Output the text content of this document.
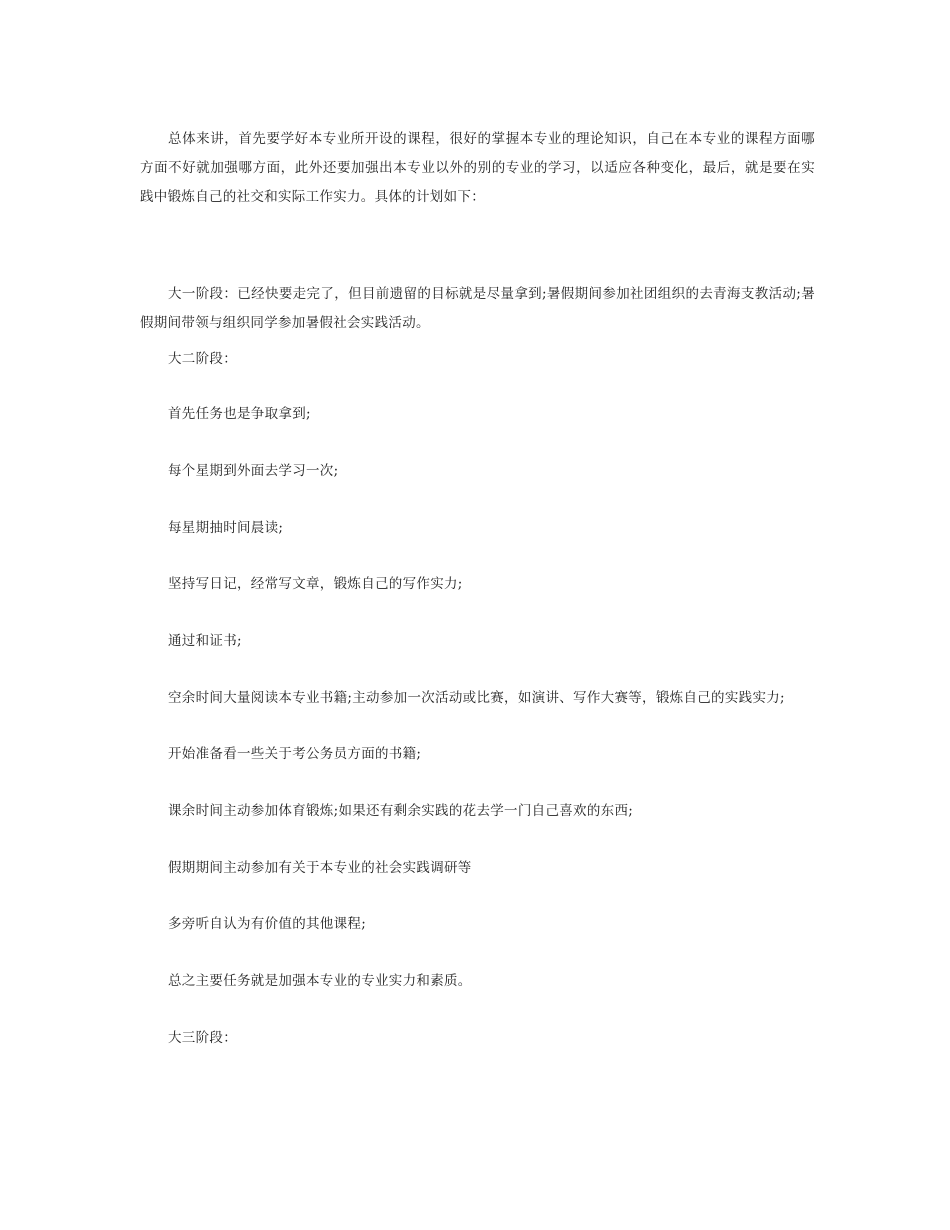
总体来讲，首先要学好本专业所开设的课程，很好的掌握本专业的理论知识，自己在本专业的课程方面哪方面不好就加强哪方面，此外还要加强出本专业以外的别的专业的学习，以适应各种变化，最后，就是要在实践中锻炼自己的社交和实际工作实力。具体的计划如下：

大一阶段：已经快要走完了，但目前遗留的目标就是尽量拿到;暑假期间参加社团组织的去青海支教活动;暑假期间带领与组织同学参加暑假社会实践活动。

大二阶段：

首先任务也是争取拿到;

每个星期到外面去学习一次;

每星期抽时间晨读;

坚持写日记，经常写文章，锻炼自己的写作实力;

通过和证书;

空余时间大量阅读本专业书籍;主动参加一次活动或比赛，如演讲、写作大赛等，锻炼自己的实践实力;

开始准备看一些关于考公务员方面的书籍;

课余时间主动参加体育锻炼;如果还有剩余实践的花去学一门自己喜欢的东西;

假期期间主动参加有关于本专业的社会实践调研等

多旁听自认为有价值的其他课程;

总之主要任务就是加强本专业的专业实力和素质。

大三阶段：
